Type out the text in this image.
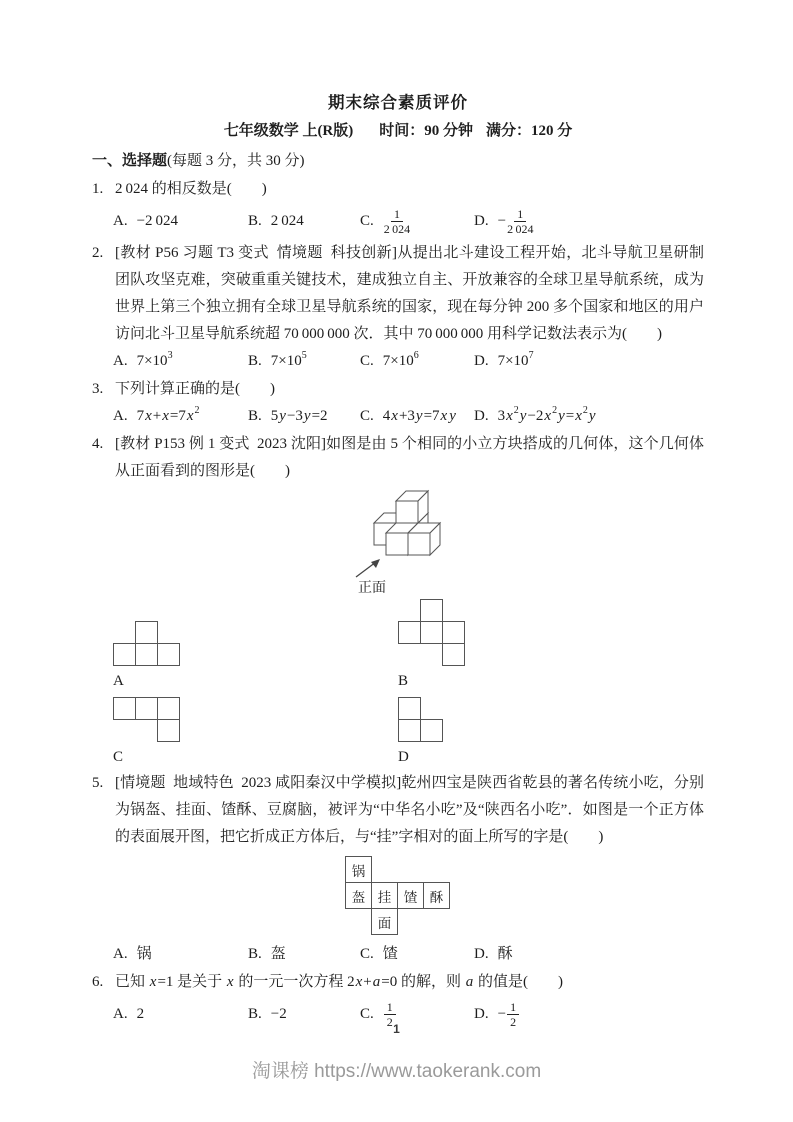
期末综合素质评价
七年级数学 上(R版) 时间：90 分钟 满分：120 分
一、选择题(每题 3 分，共 30 分)
1. 2 024 的相反数是(　　)
A. −2 024	B. 2 024	C. $\frac{1}{2 024}$	D. − $\frac{1}{2 024}$
2. [教材 P56 习题 T3 变式 情境题 科技创新]从提出北斗建设工程开始，北斗导航卫星研制团队攻坚克难，突破重重关键技术，建成独立自主、开放兼容的全球卫星导航系统，成为世界上第三个独立拥有全球卫星导航系统的国家，现在每分钟 200 多个国家和地区的用户访问北斗卫星导航系统超 70 000 000 次．其中 70 000 000 用科学记数法表示为(　　)
A. $7\times 10^3$	B. $7\times 10^5$	C. $7\times 10^6$	D. $7\times 10^7$
3. 下列计算正确的是(　　)
A. $7x+x=7x^2$	B. 5y−3y=2 C. 4x+3y=7x y D. $3x^2y-2x^2y=x^2y$
4. [教材 P153 例 1 变式 2023 沈阳]如图是由 5 个相同的小立方块搭成的几何体，这个几何体从正面看到的图形是(　　)
正面
A	B
C	D
5. [情境题 地域特色 2023 咸阳秦汉中学模拟]乾州四宝是陕西省乾县的著名传统小吃，分别为锅盔、挂面、馇酥、豆腐脑，被评为“中华名小吃”及“陕西名小吃”．如图是一个正方体的表面展开图，把它折成正方体后，与“挂”字相对的面上所写的字是(　　)
锅
盔 挂 馇 酥
面
A. 锅	B. 盔	C. 馇	D. 酥
6. 已知 x=1 是关于 x 的一元一次方程 2x+a=0 的解，则 a 的值是(　　)
A. 2	B. −2	C. $\frac{1}{2}$	D. − $\frac{1}{2}$
1
淘课榜 https://www.taokerank.com
